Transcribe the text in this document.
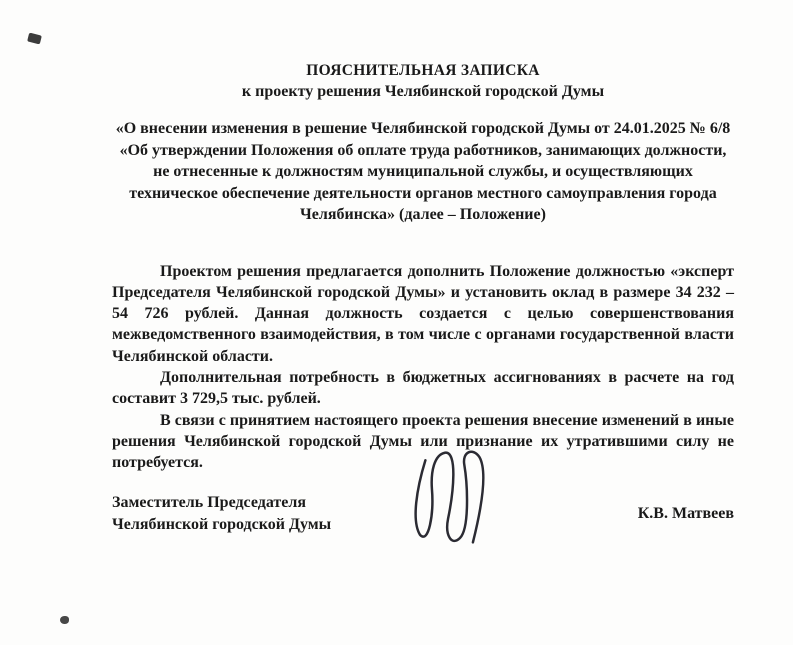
ПОЯСНИТЕЛЬНАЯ ЗАПИСКА
к проекту решения Челябинской городской Думы
«О внесении изменения в решение Челябинской городской Думы от 24.01.2025 № 6/8 «Об утверждении Положения об оплате труда работников, занимающих должности, не отнесенные к должностям муниципальной службы, и осуществляющих техническое обеспечение деятельности органов местного самоуправления города Челябинска» (далее – Положение)

Проектом решения предлагается дополнить Положение должностью «эксперт Председателя Челябинской городской Думы» и установить оклад в размере 34 232 – 54 726 рублей. Данная должность создается с целью совершенствования межведомственного взаимодействия, в том числе с органами государственной власти Челябинской области.

Дополнительная потребность в бюджетных ассигнованиях в расчете на год составит 3 729,5 тыс. рублей.

В связи с принятием настоящего проекта решения внесение изменений в иные решения Челябинской городской Думы или признание их утратившими силу не потребуется.

Заместитель Председателя
Челябинской городской Думы
К.В. Матвеев
